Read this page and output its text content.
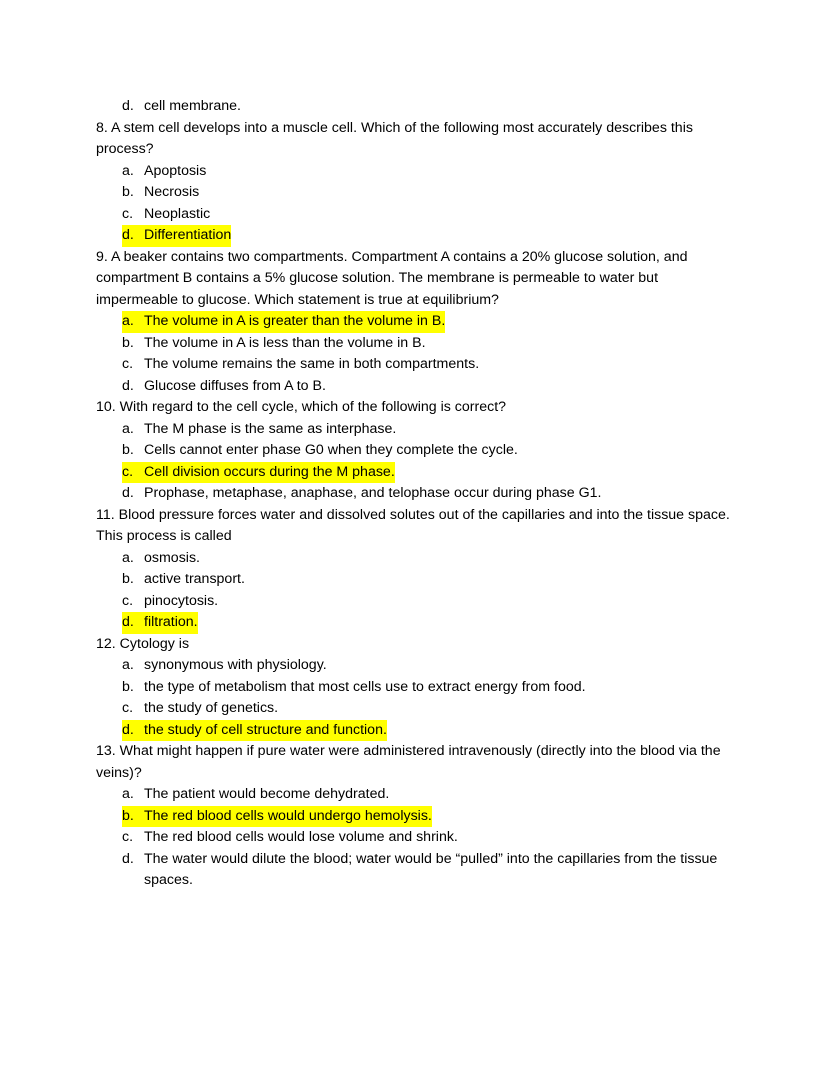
d. cell membrane.

8. A stem cell develops into a muscle cell. Which of the following most accurately describes this process?

a. Apoptosis
b. Necrosis
c. Neoplastic
d. Differentiation

9. A beaker contains two compartments. Compartment A contains a 20% glucose solution, and compartment B contains a 5% glucose solution. The membrane is permeable to water but impermeable to glucose. Which statement is true at equilibrium?

a. The volume in A is greater than the volume in B.
b. The volume in A is less than the volume in B.
c. The volume remains the same in both compartments.
d. Glucose diffuses from A to B.

10. With regard to the cell cycle, which of the following is correct?

a. The M phase is the same as interphase.
b. Cells cannot enter phase G0 when they complete the cycle.
c. Cell division occurs during the M phase.
d. Prophase, metaphase, anaphase, and telophase occur during phase G1.

11. Blood pressure forces water and dissolved solutes out of the capillaries and into the tissue space. This process is called

a. osmosis.
b. active transport.
c. pinocytosis.
d. filtration.

12. Cytology is

a. synonymous with physiology.
b. the type of metabolism that most cells use to extract energy from food.
c. the study of genetics.
d. the study of cell structure and function.

13. What might happen if pure water were administered intravenously (directly into the blood via the veins)?

a. The patient would become dehydrated.
b. The red blood cells would undergo hemolysis.
c. The red blood cells would lose volume and shrink.
d. The water would dilute the blood; water would be “pulled” into the capillaries from the tissue spaces.
